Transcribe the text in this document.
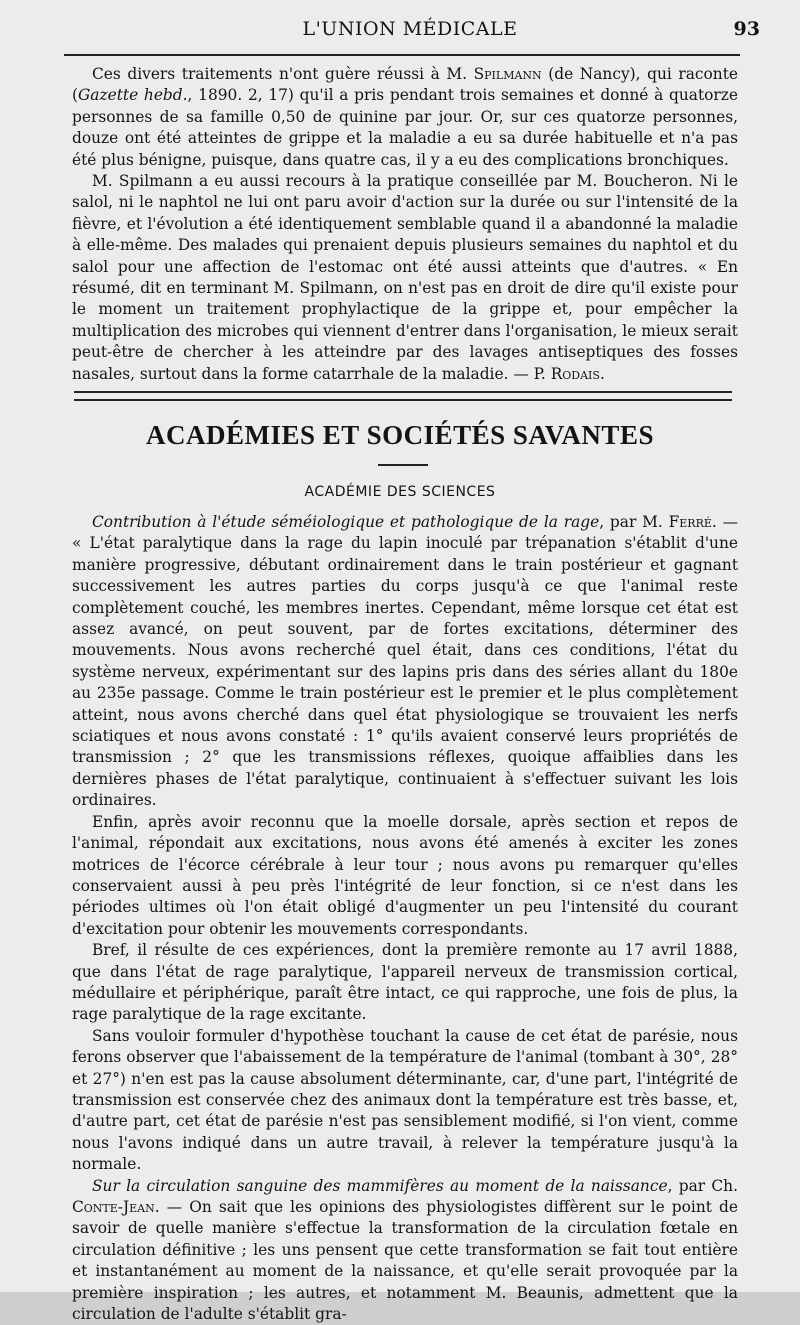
L'UNION MÉDICALE	93

Ces divers traitements n'ont guère réussi à M. Spilmann (de Nancy), qui raconte (Gazette hebd., 1890. 2, 17) qu'il a pris pendant trois semaines et donné à quatorze personnes de sa famille 0,50 de quinine par jour. Or, sur ces quatorze personnes, douze ont été atteintes de grippe et la maladie a eu sa durée habituelle et n'a pas été plus bénigne, puisque, dans quatre cas, il y a eu des complications bronchiques.

M. Spilmann a eu aussi recours à la pratique conseillée par M. Boucheron. Ni le salol, ni le naphtol ne lui ont paru avoir d'action sur la durée ou sur l'intensité de la fièvre, et l'évolution a été identiquement semblable quand il a abandonné la maladie à elle-même. Des malades qui prenaient depuis plusieurs semaines du naphtol et du salol pour une affection de l'estomac ont été aussi atteints que d'autres. « En résumé, dit en terminant M. Spilmann, on n'est pas en droit de dire qu'il existe pour le moment un traitement prophylactique de la grippe et, pour empêcher la multiplication des microbes qui viennent d'entrer dans l'organisation, le mieux serait peut-être de chercher à les atteindre par des lavages antiseptiques des fosses nasales, surtout dans la forme catarrhale de la maladie. — P. Rodais.

ACADÉMIES ET SOCIÉTÉS SAVANTES
ACADÉMIE DES SCIENCES

Contribution à l'étude séméiologique et pathologique de la rage, par M. Ferré. — « L'état paralytique dans la rage du lapin inoculé par trépanation s'établit d'une manière progressive, débutant ordinairement dans le train postérieur et gagnant successivement les autres parties du corps jusqu'à ce que l'animal reste complètement couché, les membres inertes. Cependant, même lorsque cet état est assez avancé, on peut souvent, par de fortes excitations, déterminer des mouvements. Nous avons recherché quel était, dans ces conditions, l'état du système nerveux, expérimentant sur des lapins pris dans des séries allant du 180e au 235e passage. Comme le train postérieur est le premier et le plus complètement atteint, nous avons cherché dans quel état physiologique se trouvaient les nerfs sciatiques et nous avons constaté : 1° qu'ils avaient conservé leurs propriétés de transmission ; 2° que les transmissions réflexes, quoique affaiblies dans les dernières phases de l'état paralytique, continuaient à s'effectuer suivant les lois ordinaires.

Enfin, après avoir reconnu que la moelle dorsale, après section et repos de l'animal, répondait aux excitations, nous avons été amenés à exciter les zones motrices de l'écorce cérébrale à leur tour ; nous avons pu remarquer qu'elles conservaient aussi à peu près l'intégrité de leur fonction, si ce n'est dans les périodes ultimes où l'on était obligé d'augmenter un peu l'intensité du courant d'excitation pour obtenir les mouvements correspondants.

Bref, il résulte de ces expériences, dont la première remonte au 17 avril 1888, que dans l'état de rage paralytique, l'appareil nerveux de transmission cortical, médullaire et périphérique, paraît être intact, ce qui rapproche, une fois de plus, la rage paralytique de la rage excitante.

Sans vouloir formuler d'hypothèse touchant la cause de cet état de parésie, nous ferons observer que l'abaissement de la température de l'animal (tombant à 30°, 28° et 27°) n'en est pas la cause absolument déterminante, car, d'une part, l'intégrité de transmission est conservée chez des animaux dont la température est très basse, et, d'autre part, cet état de parésie n'est pas sensiblement modifié, si l'on vient, comme nous l'avons indiqué dans un autre travail, à relever la température jusqu'à la normale.

Sur la circulation sanguine des mammifères au moment de la naissance, par Ch. Conte-Jean. — On sait que les opinions des physiologistes diffèrent sur le point de savoir de quelle manière s'effectue la transformation de la circulation fœtale en circulation définitive ; les uns pensent que cette transformation se fait tout entière et instantanément au moment de la naissance, et qu'elle serait provoquée par la première inspiration ; les autres, et notamment M. Beaunis, admettent que la circulation de l'adulte s'établit gra-
